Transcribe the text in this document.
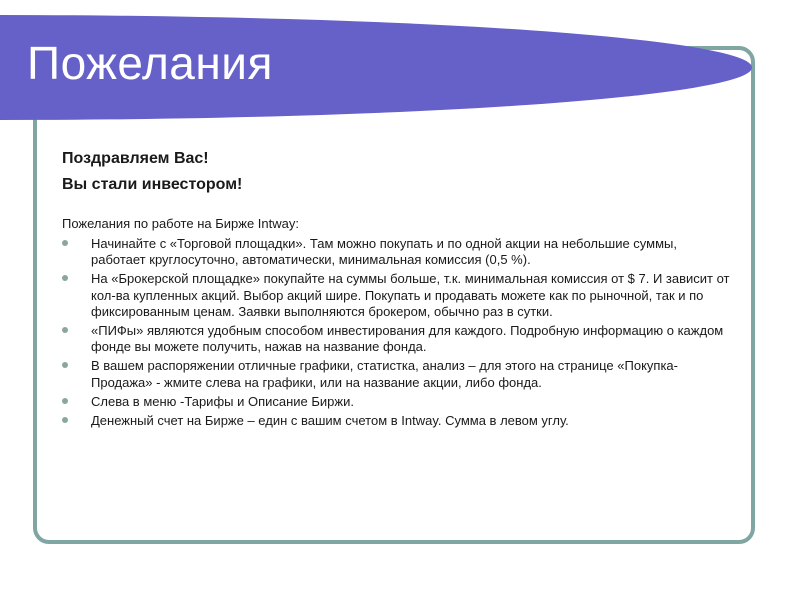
Пожелания

Поздравляем Вас!

Вы стали инвестором!

Пожелания по работе на Бирже Intway:

Начинайте с «Торговой площадки». Там можно покупать и по одной акции на небольшие суммы, работает круглосуточно, автоматически, минимальная комиссия (0,5 %).
На «Брокерской площадке» покупайте на суммы больше, т.к. минимальная комиссия от $ 7. И зависит от кол-ва купленных акций. Выбор акций шире. Покупать и продавать можете как по рыночной, так и по фиксированным ценам. Заявки выполняются брокером, обычно раз в сутки.
«ПИФы» являются удобным способом инвестирования для каждого. Подробную информацию о каждом фонде вы можете получить, нажав на название фонда.
В вашем распоряжении отличные графики, статистка, анализ – для этого на странице «Покупка-Продажа» - жмите слева на графики, или на название акции, либо фонда.
Слева в меню -Тарифы и Описание Биржи.
Денежный счет на Бирже – един с вашим счетом в Intway. Сумма в левом углу.
